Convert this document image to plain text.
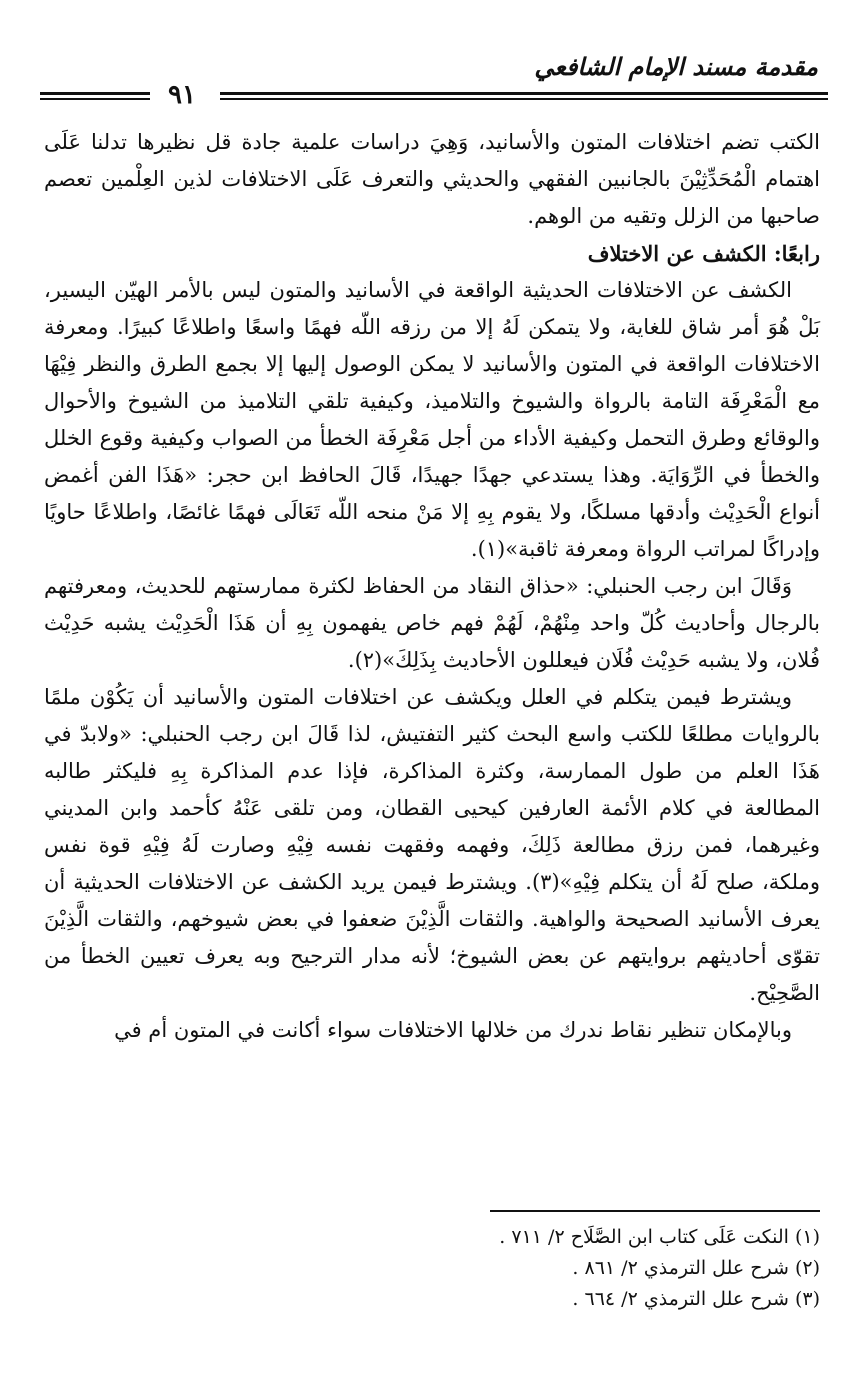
مقدمة مسند الإمام الشافعي
٩١

الكتب تضم اختلافات المتون والأسانيد، وَهِيَ دراسات علمية جادة قل نظيرها تدلنا عَلَى اهتمام الْمُحَدِّثِيْنَ بالجانبين الفقهي والحديثي والتعرف عَلَى الاختلافات لذين العِلْمين تعصم صاحبها من الزلل وتقيه من الوهم.

رابعًا: الكشف عن الاختلاف

الكشف عن الاختلافات الحديثية الواقعة في الأسانيد والمتون ليس بالأمر الهيّن اليسير، بَلْ هُوَ أمر شاق للغاية، ولا يتمكن لَهُ إلا من رزقه اللّه فهمًا واسعًا واطلاعًا كبيرًا. ومعرفة الاختلافات الواقعة في المتون والأسانيد لا يمكن الوصول إليها إلا بجمع الطرق والنظر فِيْهَا مع الْمَعْرِفَة التامة بالرواة والشيوخ والتلاميذ، وكيفية تلقي التلاميذ من الشيوخ والأحوال والوقائع وطرق التحمل وكيفية الأداء من أجل مَعْرِفَة الخطأ من الصواب وكيفية وقوع الخلل والخطأ في الرِّوَايَة. وهذا يستدعي جهدًا جهيدًا، قَالَ الحافظ ابن حجر: «هَذَا الفن أغمض أنواع الْحَدِيْث وأدقها مسلكًا، ولا يقوم بِهِ إلا مَنْ منحه اللّه تَعَالَى فهمًا غائصًا، واطلاعًا حاويًا وإدراكًا لمراتب الرواة ومعرفة ثاقبة»(١).

وَقَالَ ابن رجب الحنبلي: «حذاق النقاد من الحفاظ لكثرة ممارستهم للحديث، ومعرفتهم بالرجال وأحاديث كُلّ واحد مِنْهُمْ، لَهُمْ فهم خاص يفهمون بِهِ أن هَذَا الْحَدِيْث يشبه حَدِيْث فُلان، ولا يشبه حَدِيْث فُلَان فيعللون الأحاديث بِذَلِكَ»(٢).

ويشترط فيمن يتكلم في العلل ويكشف عن اختلافات المتون والأسانيد أن يَكُوْن ملمًا بالروايات مطلعًا للكتب واسع البحث كثير التفتيش، لذا قَالَ ابن رجب الحنبلي: «ولابدّ في هَذَا العلم من طول الممارسة، وكثرة المذاكرة، فإذا عدم المذاكرة بِهِ فليكثر طالبه المطالعة في كلام الأئمة العارفين كيحيى القطان، ومن تلقى عَنْهُ كأحمد وابن المديني وغيرهما، فمن رزق مطالعة ذَلِكَ، وفهمه وفقهت نفسه فِيْهِ وصارت لَهُ فِيْهِ قوة نفس وملكة، صلح لَهُ أن يتكلم فِيْهِ»(٣). ويشترط فيمن يريد الكشف عن الاختلافات الحديثية أن يعرف الأسانيد الصحيحة والواهية. والثقات الَّذِيْنَ ضعفوا في بعض شيوخهم، والثقات الَّذِيْنَ تقوّى أحاديثهم بروايتهم عن بعض الشيوخ؛ لأنه مدار الترجيح وبه يعرف تعيين الخطأ من الصَّحِيْح.

وبالإمكان تنظير نقاط ندرك من خلالها الاختلافات سواء أكانت في المتون أم في

(١) النكت عَلَى كتاب ابن الصَّلَاح ٢/ ٧١١ .

(٢) شرح علل الترمذي ٢/ ٨٦١ .

(٣) شرح علل الترمذي ٢/ ٦٦٤ .
